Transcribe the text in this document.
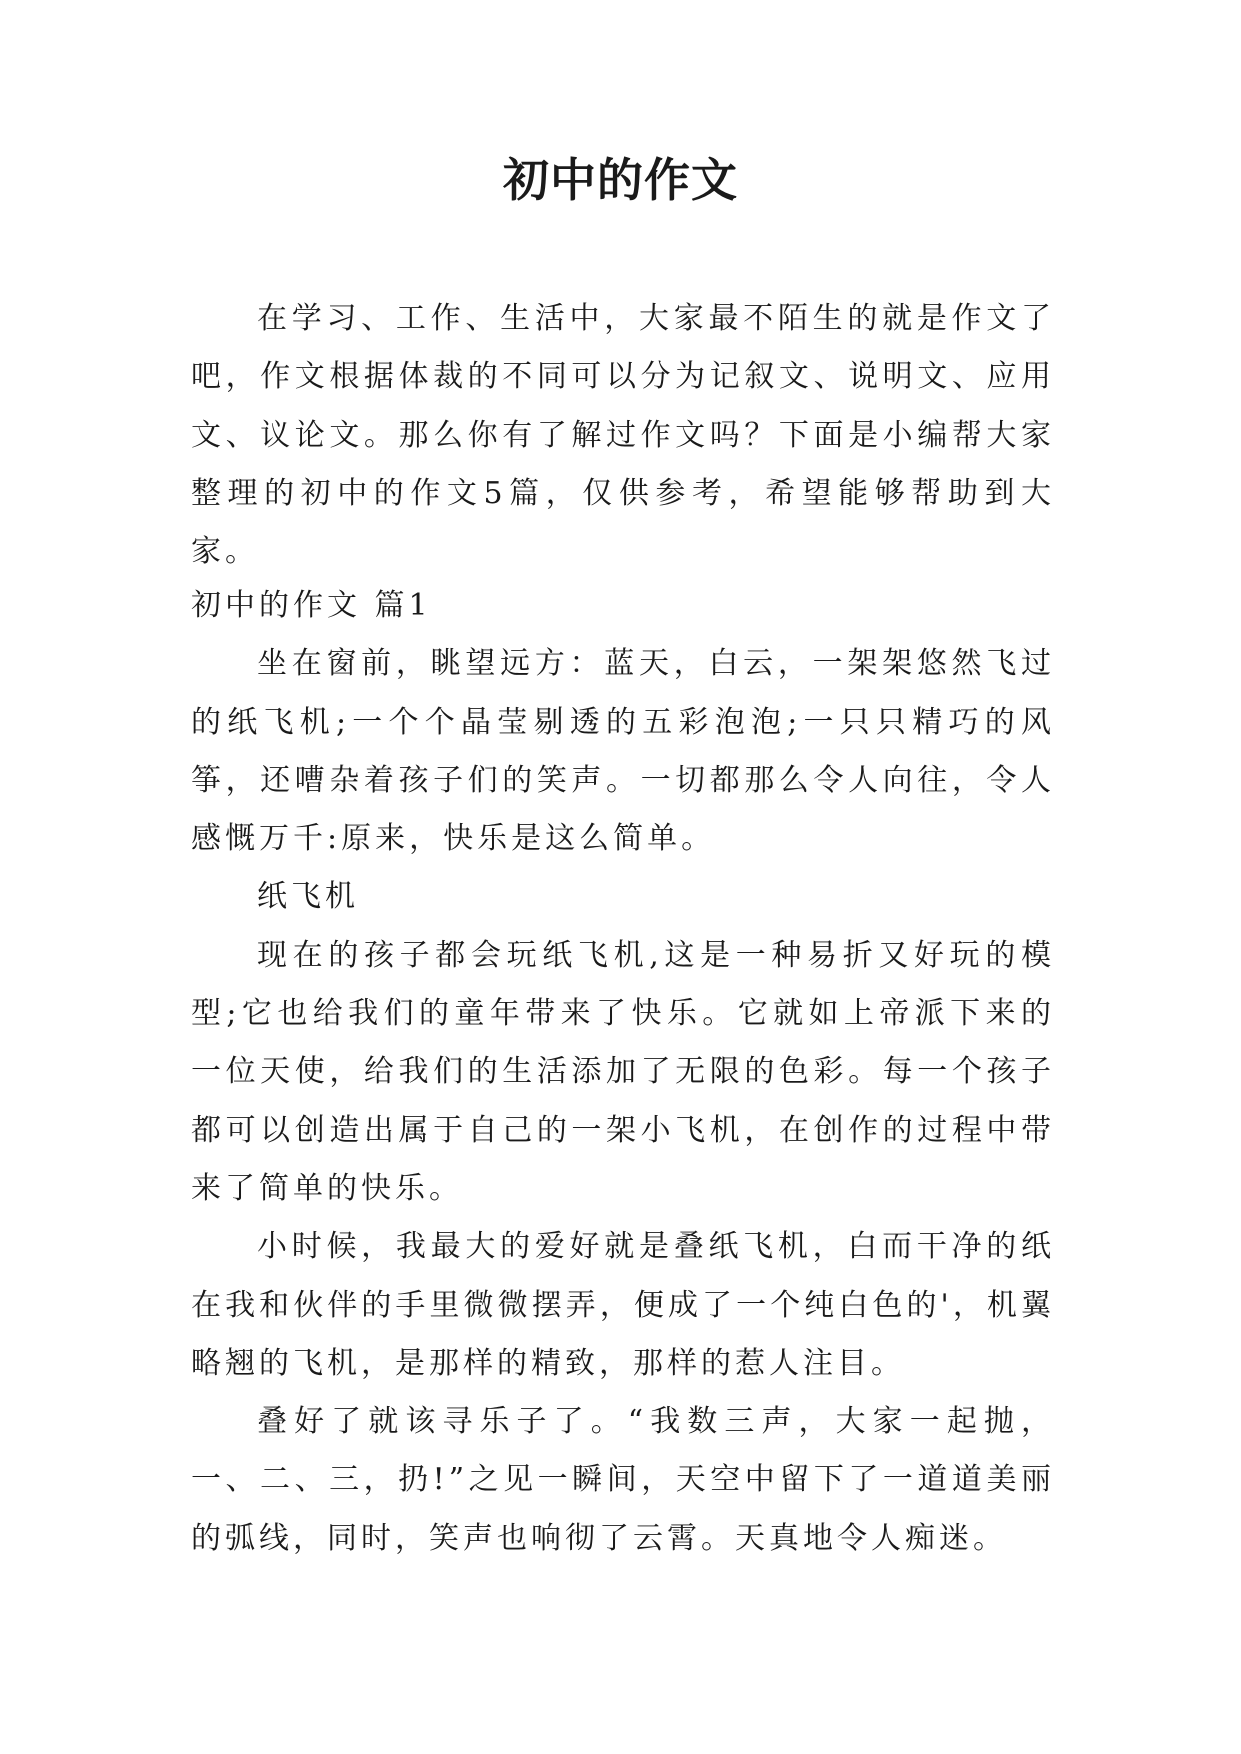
初中的作文

在学习、工作、生活中，大家最不陌生的就是作文了吧，作文根据体裁的不同可以分为记叙文、说明文、应用文、议论文。那么你有了解过作文吗？下面是小编帮大家整理的初中的作文5篇，仅供参考，希望能够帮助到大家。

初中的作文 篇1

坐在窗前，眺望远方：蓝天，白云，一架架悠然飞过的纸飞机;一个个晶莹剔透的五彩泡泡;一只只精巧的风筝，还嘈杂着孩子们的笑声。一切都那么令人向往，令人感慨万千:原来，快乐是这么简单。

纸飞机

现在的孩子都会玩纸飞机,这是一种易折又好玩的模型;它也给我们的童年带来了快乐。它就如上帝派下来的一位天使，给我们的生活添加了无限的色彩。每一个孩子都可以创造出属于自己的一架小飞机，在创作的过程中带来了简单的快乐。

小时候，我最大的爱好就是叠纸飞机，白而干净的纸在我和伙伴的手里微微摆弄，便成了一个纯白色的'，机翼略翘的飞机，是那样的精致，那样的惹人注目。

叠好了就该寻乐子了。“我数三声，大家一起抛，一、二、三，扔!”之见一瞬间，天空中留下了一道道美丽的弧线，同时，笑声也响彻了云霄。天真地令人痴迷。
